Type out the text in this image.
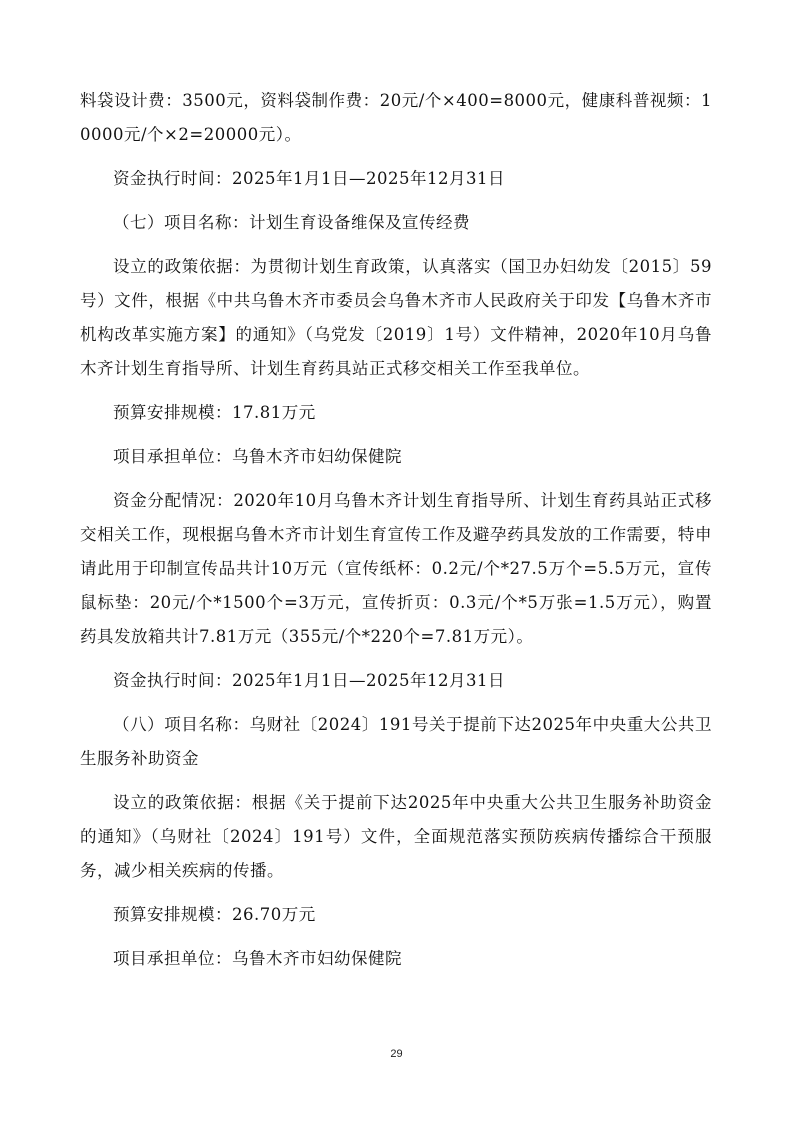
料袋设计费：3500元，资料袋制作费：20元/个×400=8000元，健康科普视频：10000元/个×2=20000元）。

资金执行时间：2025年1月1日—2025年12月31日

（七）项目名称：计划生育设备维保及宣传经费

设立的政策依据：为贯彻计划生育政策，认真落实（国卫办妇幼发〔2015〕59号）文件，根据《中共乌鲁木齐市委员会乌鲁木齐市人民政府关于印发【乌鲁木齐市机构改革实施方案】的通知》（乌党发〔2019〕1号）文件精神，2020年10月乌鲁木齐计划生育指导所、计划生育药具站正式移交相关工作至我单位。

预算安排规模：17.81万元

项目承担单位：乌鲁木齐市妇幼保健院

资金分配情况：2020年10月乌鲁木齐计划生育指导所、计划生育药具站正式移交相关工作，现根据乌鲁木齐市计划生育宣传工作及避孕药具发放的工作需要，特申请此用于印制宣传品共计10万元（宣传纸杯：0.2元/个*27.5万个=5.5万元，宣传鼠标垫：20元/个*1500个=3万元，宣传折页：0.3元/个*5万张=1.5万元），购置药具发放箱共计7.81万元（355元/个*220个=7.81万元）。

资金执行时间：2025年1月1日—2025年12月31日

（八）项目名称：乌财社〔2024〕191号关于提前下达2025年中央重大公共卫生服务补助资金

设立的政策依据：根据《关于提前下达2025年中央重大公共卫生服务补助资金的通知》（乌财社〔2024〕191号）文件，全面规范落实预防疾病传播综合干预服务，减少相关疾病的传播。

预算安排规模：26.70万元

项目承担单位：乌鲁木齐市妇幼保健院

29
